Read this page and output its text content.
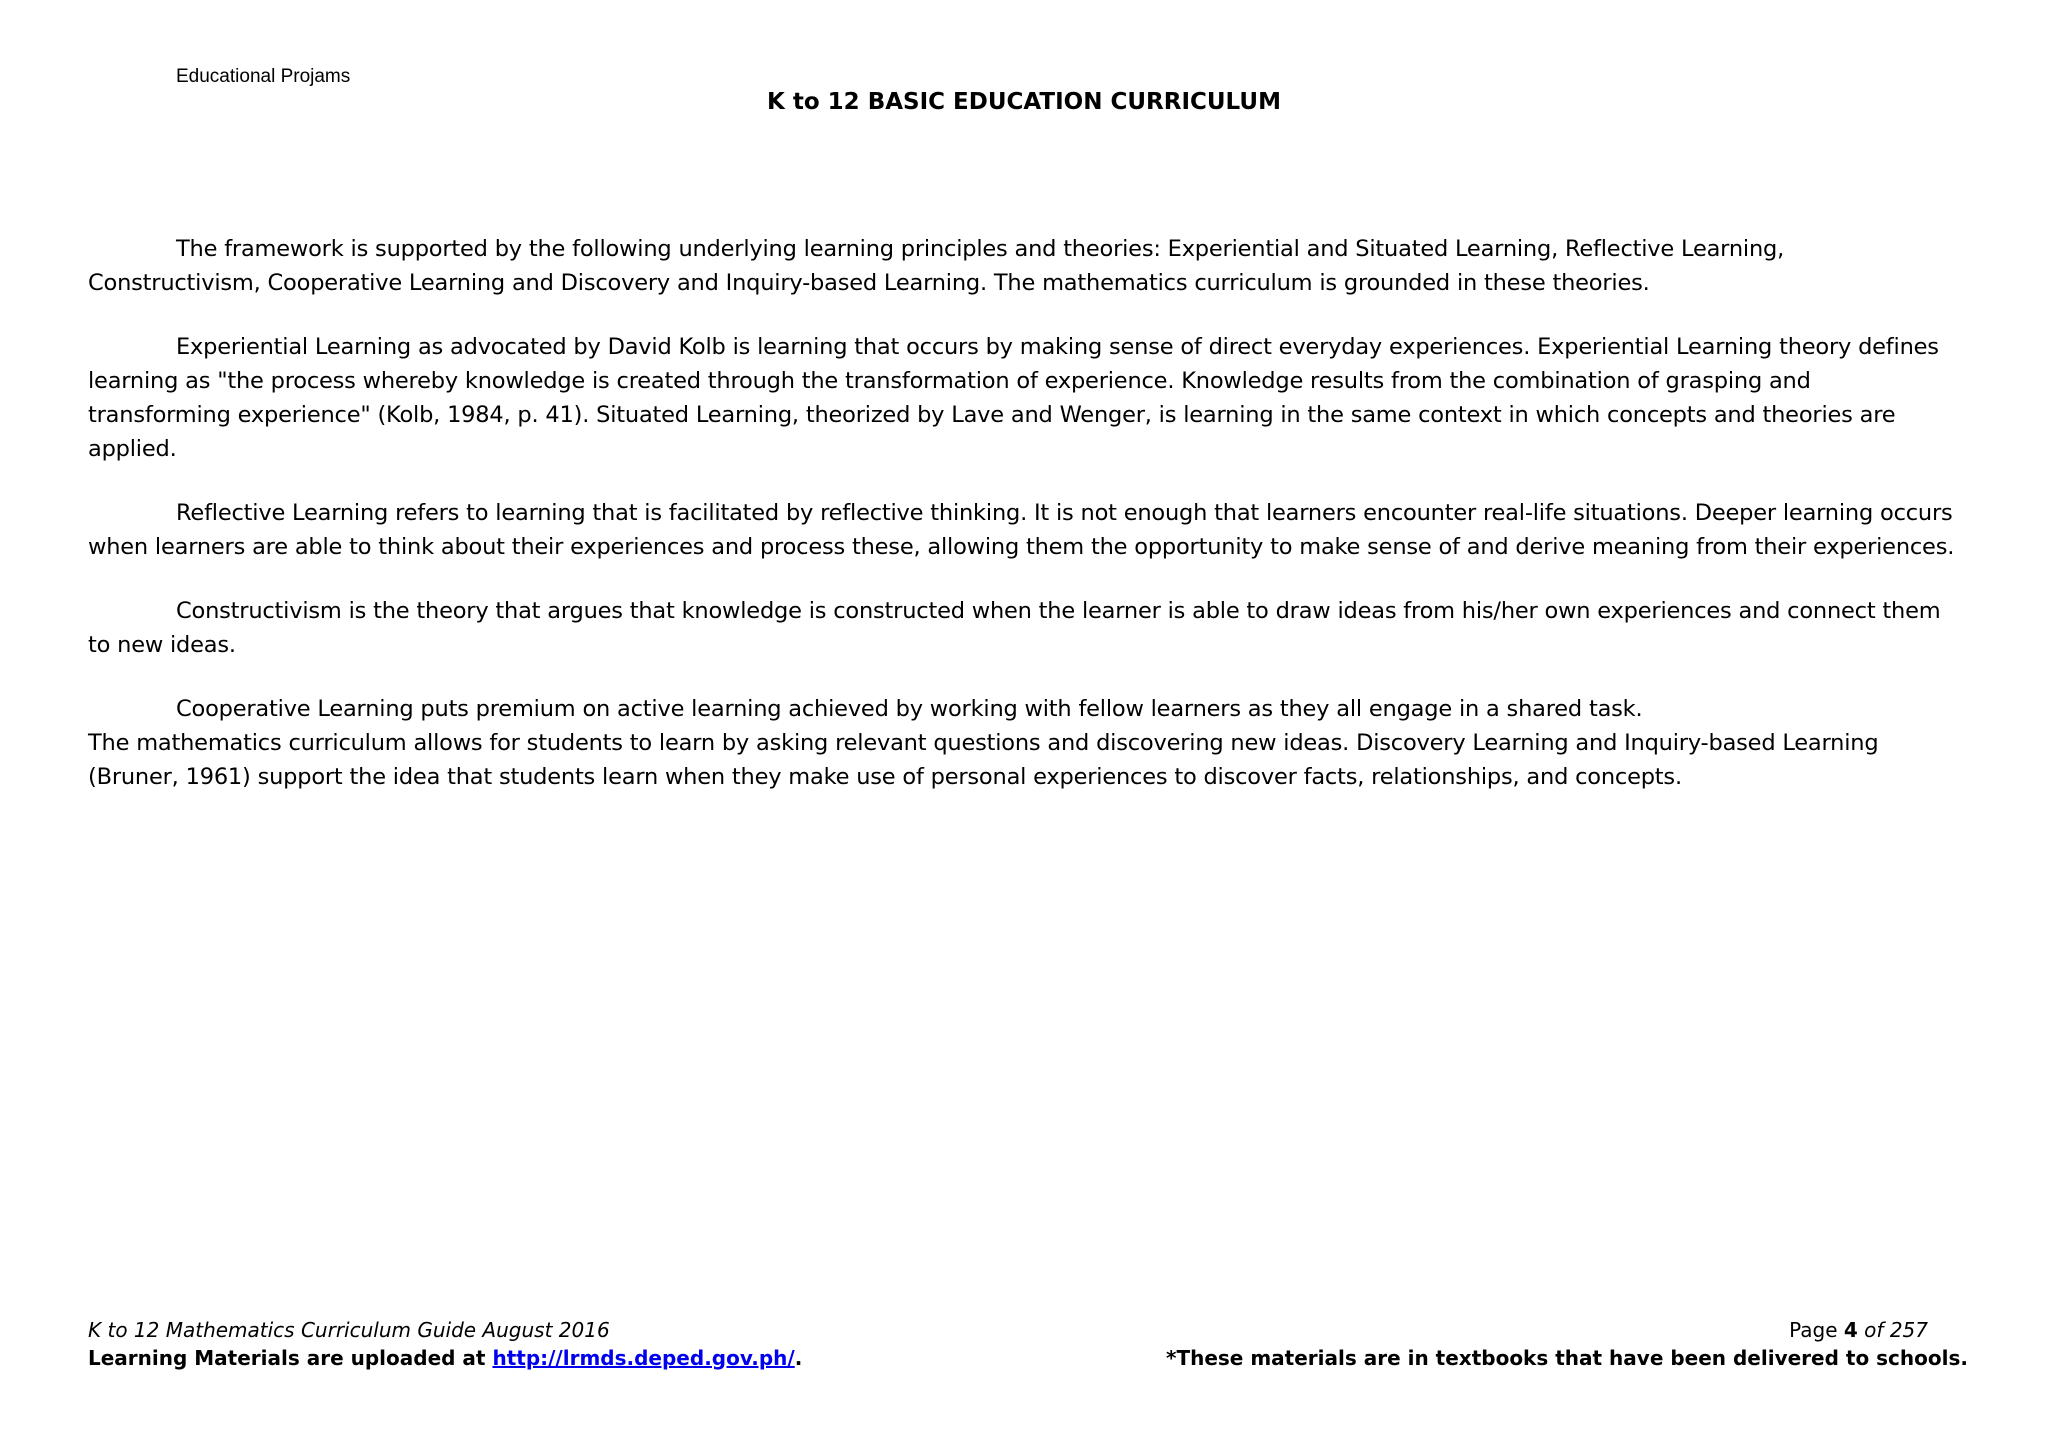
Educational Projams
K to 12 BASIC EDUCATION CURRICULUM

The framework is supported by the following underlying learning principles and theories: Experiential and Situated Learning, Reflective Learning, Constructivism, Cooperative Learning and Discovery and Inquiry-based Learning. The mathematics curriculum is grounded in these theories.

Experiential Learning as advocated by David Kolb is learning that occurs by making sense of direct everyday experiences. Experiential Learning theory defines learning as "the process whereby knowledge is created through the transformation of experience. Knowledge results from the combination of grasping and transforming experience" (Kolb, 1984, p. 41). Situated Learning, theorized by Lave and Wenger, is learning in the same context in which concepts and theories are applied.

Reflective Learning refers to learning that is facilitated by reflective thinking. It is not enough that learners encounter real-life situations. Deeper learning occurs when learners are able to think about their experiences and process these, allowing them the opportunity to make sense of and derive meaning from their experiences.

Constructivism is the theory that argues that knowledge is constructed when the learner is able to draw ideas from his/her own experiences and connect them to new ideas.

Cooperative Learning puts premium on active learning achieved by working with fellow learners as they all engage in a shared task.

The mathematics curriculum allows for students to learn by asking relevant questions and discovering new ideas. Discovery Learning and Inquiry-based Learning (Bruner, 1961) support the idea that students learn when they make use of personal experiences to discover facts, relationships, and concepts.

K to 12 Mathematics Curriculum Guide August 2016
Learning Materials are uploaded at http://lrmds.deped.gov.ph/.
Page 4 of 257
*These materials are in textbooks that have been delivered to schools.
